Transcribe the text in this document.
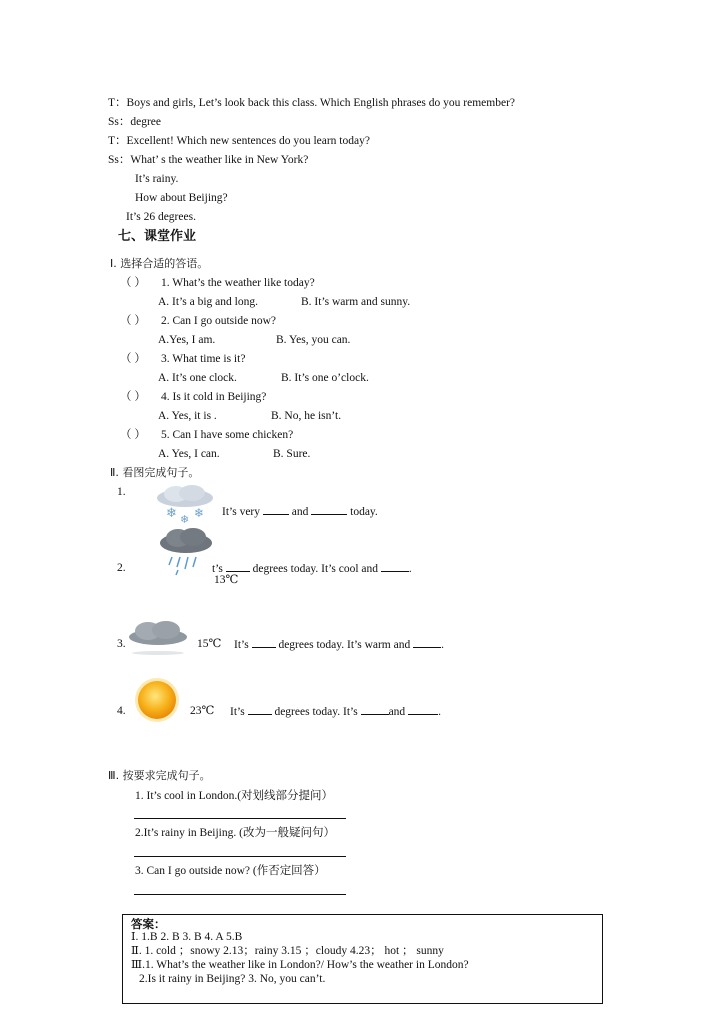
T：Boys and girls, Let’s look back this class. Which English phrases do you remember?
Ss：degree
T：Excellent! Which new sentences do you learn today?
Ss：What’ s the weather like in New York?
It’s rainy.
How about Beijing?
It’s 26 degrees.
七、课堂作业
Ⅰ. 选择合适的答语。
（ ） 1. What’s the weather like today?
A. It’s a big and long.	B. It’s warm and sunny.
（ ） 2. Can I go outside now?
A.Yes, I am.	B. Yes, you can.
（ ） 3. What time is it?
A. It’s one clock.	B. It’s one o’clock.
（ ） 4. Is it cold in Beijing?
A. Yes, it is .	B. No, he isn’t.
（ ） 5. Can I have some chicken?
A. Yes, I can.	B. Sure.
Ⅱ. 看图完成句子。
1.
❄ ❄ ❄ It’s very	and	today.
2.	t’s	degrees today. It’s cool and	.
13℃
3.	15℃ It’s	degrees today. It’s warm and	.
4.	23℃ It’s	degrees today. It’s	and	.
Ⅲ. 按要求完成句子。
1. It’s cool in London.(对划线部分提问）
2.It’s rainy in Beijing. (改为一般疑问句）
3. Can I go outside now? (作否定回答）
答案：
Ⅰ. 1.B 2. B 3. B 4. A 5.B
Ⅱ. 1. cold ；snowy 2.13；rainy 3.15 ；cloudy 4.23； hot ； sunny
Ⅲ.1. What’s the weather like in London?/ How’s the weather in London?
2.Is it rainy in Beijing? 3. No, you can’t.
